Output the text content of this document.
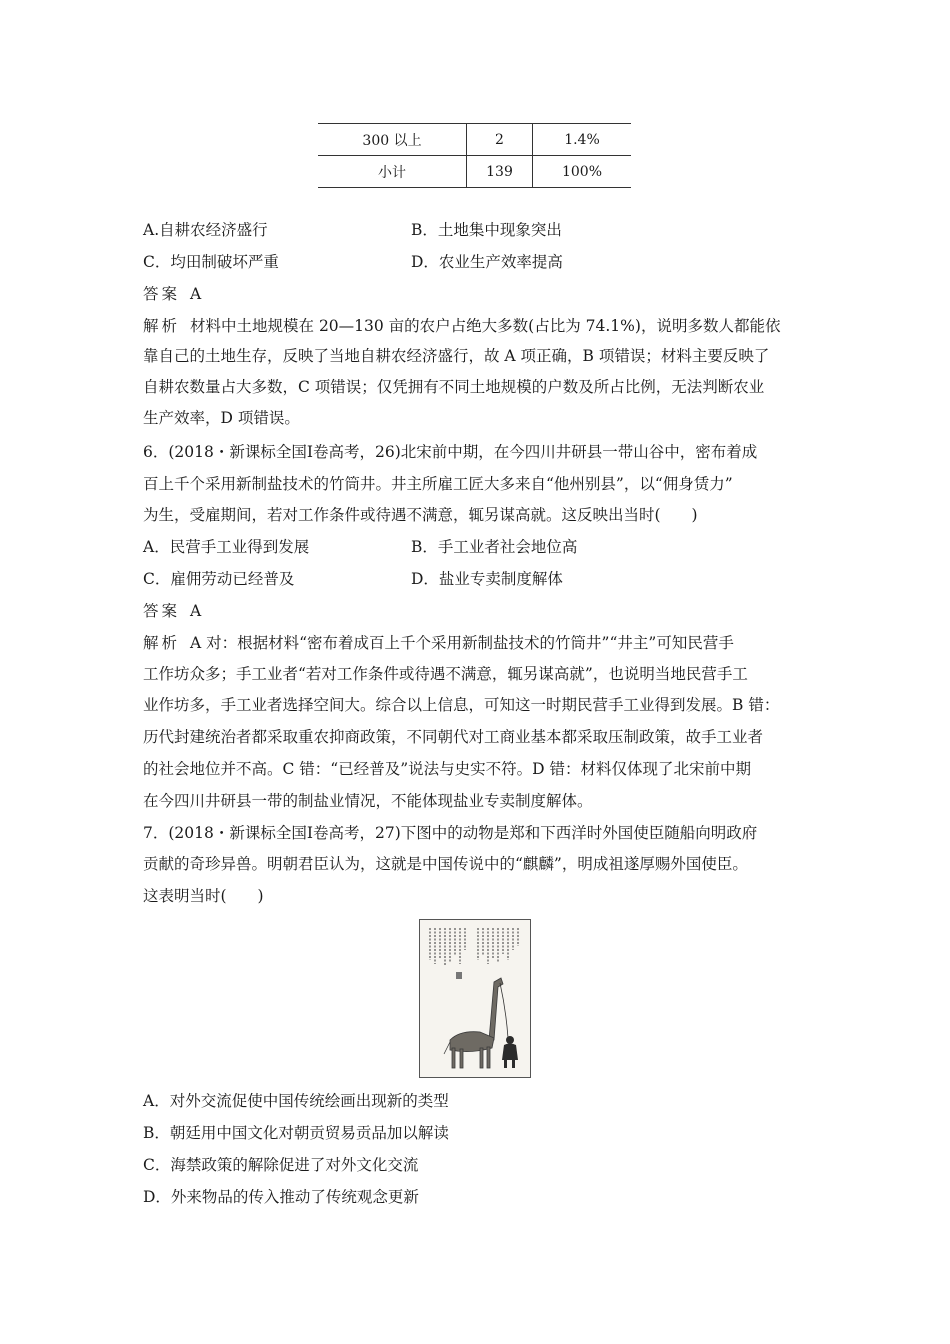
300 以上	2	1.4%
小计	139	100%
A.自耕农经济盛行	B．土地集中现象突出
C．均田制破坏严重	D．农业生产效率提高
答案 A
解析 材料中土地规模在 20—130 亩的农户占绝大多数(占比为 74.1%)，说明多数人都能依
靠自己的土地生存，反映了当地自耕农经济盛行，故 A 项正确，B 项错误；材料主要反映了
自耕农数量占大多数，C 项错误；仅凭拥有不同土地规模的户数及所占比例，无法判断农业
生产效率，D 项错误。
6．(2018・新课标全国Ⅰ卷高考，26)北宋前中期，在今四川井研县一带山谷中，密布着成
百上千个采用新制盐技术的竹筒井。井主所雇工匠大多来自“他州别县”，以“佣身赁力”
为生，受雇期间，若对工作条件或待遇不满意，辄另谋高就。这反映出当时(　　)
A．民营手工业得到发展	B．手工业者社会地位高
C．雇佣劳动已经普及	D．盐业专卖制度解体
答案 A
解析 A 对：根据材料“密布着成百上千个采用新制盐技术的竹筒井”“井主”可知民营手
工作坊众多；手工业者“若对工作条件或待遇不满意，辄另谋高就”，也说明当地民营手工
业作坊多，手工业者选择空间大。综合以上信息，可知这一时期民营手工业得到发展。B 错：
历代封建统治者都采取重农抑商政策，不同朝代对工商业基本都采取压制政策，故手工业者
的社会地位并不高。C 错：“已经普及”说法与史实不符。D 错：材料仅体现了北宋前中期
在今四川井研县一带的制盐业情况，不能体现盐业专卖制度解体。
7．(2018・新课标全国Ⅰ卷高考，27)下图中的动物是郑和下西洋时外国使臣随船向明政府
贡献的奇珍异兽。明朝君臣认为，这就是中国传说中的“麒麟”，明成祖遂厚赐外国使臣。
这表明当时(　　)
A．对外交流促使中国传统绘画出现新的类型
B．朝廷用中国文化对朝贡贸易贡品加以解读
C．海禁政策的解除促进了对外文化交流
D．外来物品的传入推动了传统观念更新
